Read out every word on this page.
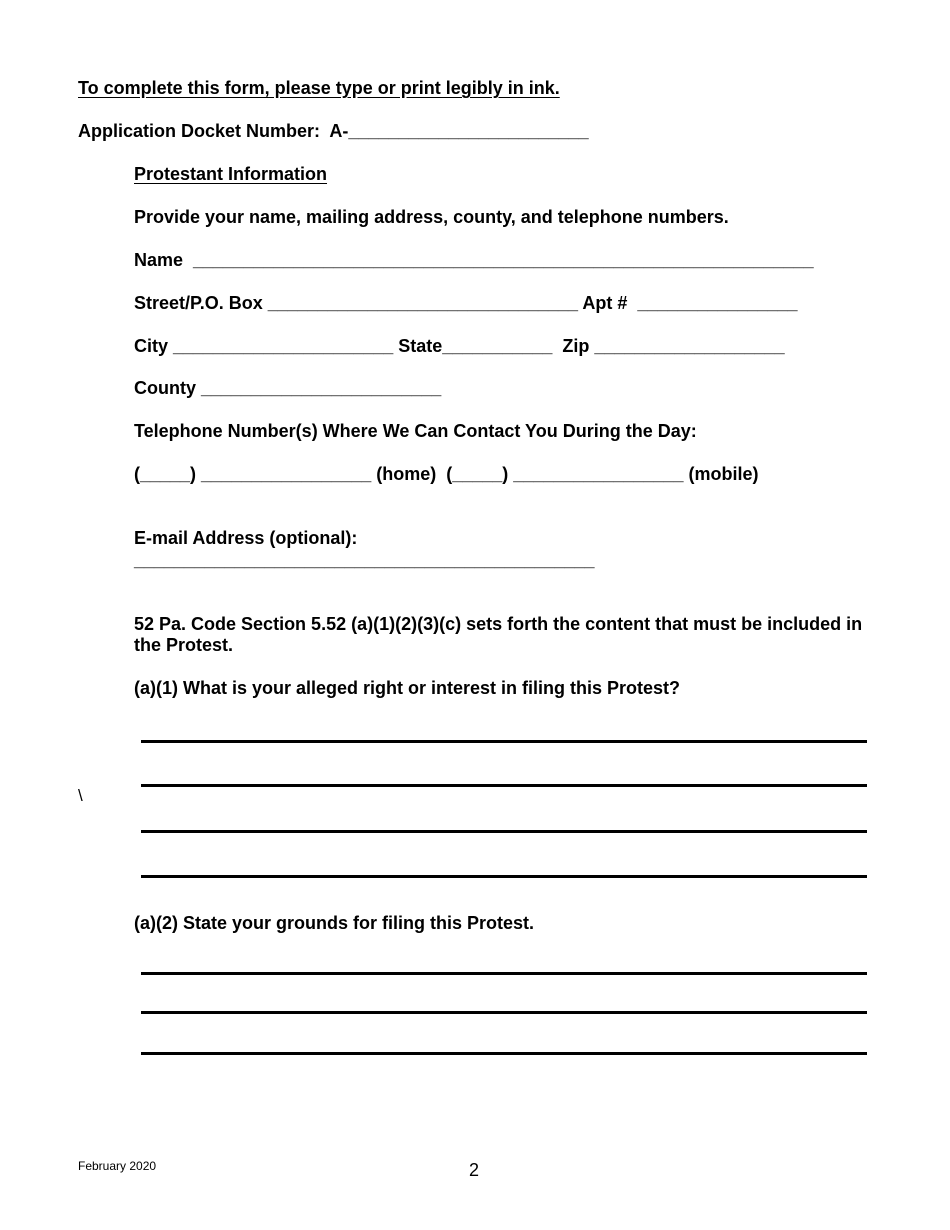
To complete this form, please type or print legibly in ink.

Application Docket Number:  A-________________________

Protestant Information

Provide your name, mailing address, county, and telephone numbers.

Name  ______________________________________________________________

Street/P.O. Box _______________________________ Apt #  ________________

City ______________________ State___________  Zip ___________________

County ________________________

Telephone Number(s) Where We Can Contact You During the Day:

(_____) _________________ (home)  (_____) _________________ (mobile)

E-mail Address (optional):

______________________________________________

52 Pa. Code Section 5.52 (a)(1)(2)(3)(c) sets forth the content that must be included in the Protest.

(a)(1) What is your alleged right or interest in filing this Protest?

\

(a)(2) State your grounds for filing this Protest.

February 2020	2
